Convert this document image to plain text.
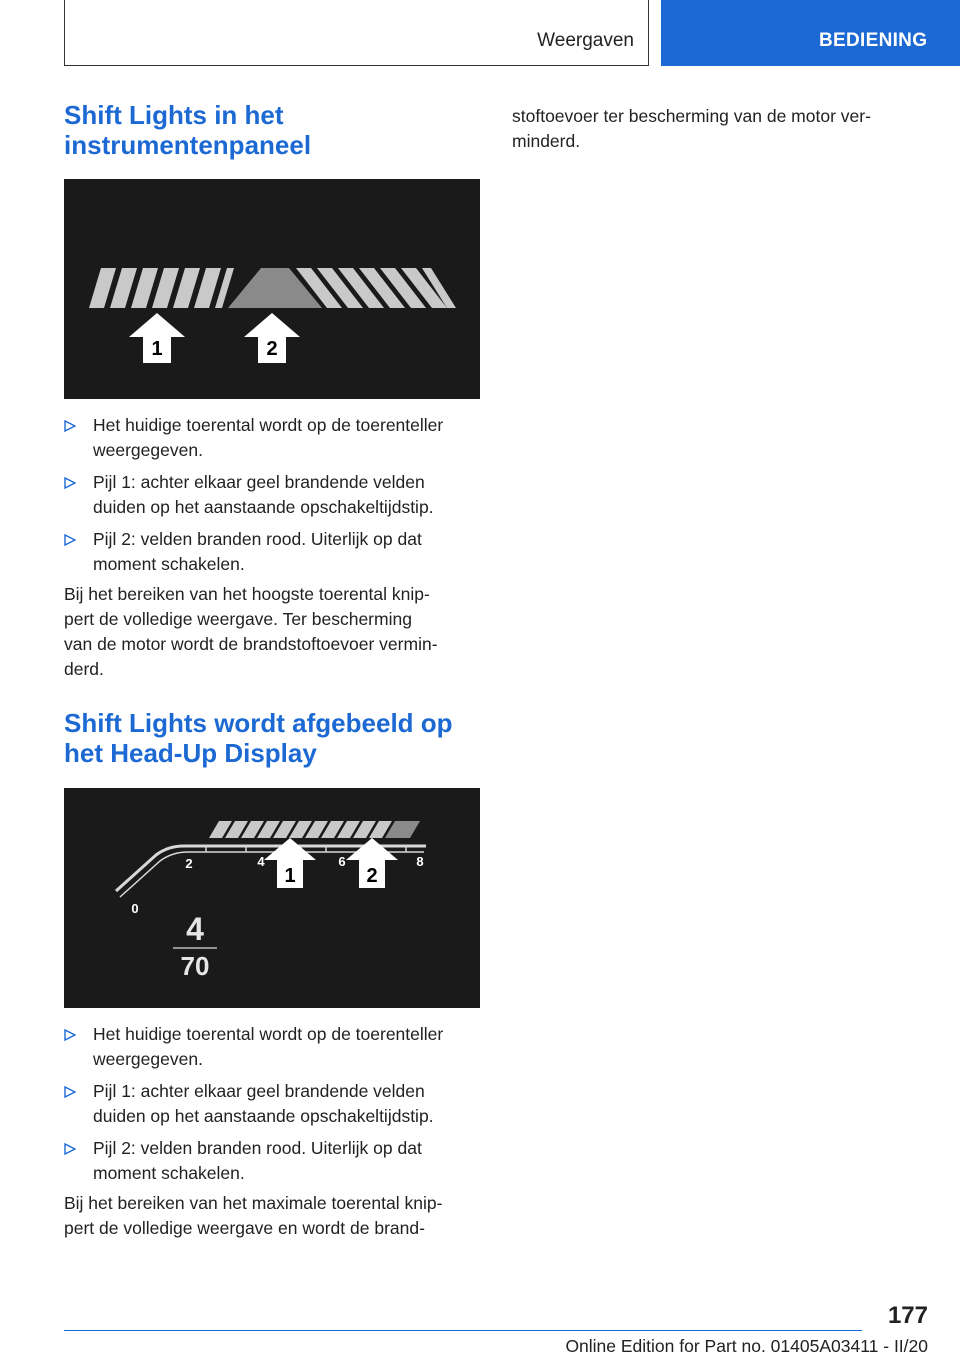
Weergaven	BEDIENING
Shift Lights in het
instrumentenpaneel
1	2
Het huidige toerental wordt op de toerenteller
weergegeven.
Pijl 1: achter elkaar geel brandende velden
duiden op het aanstaande opschakeltijdstip.
Pijl 2: velden branden rood. Uiterlijk op dat
moment schakelen.

Bij het bereiken van het hoogste toerental knip-
pert de volledige weergave. Ter bescherming
van de motor wordt de brandstoftoevoer vermin-
derd.

Shift Lights wordt afgebeeld op
het Head-Up Display
0
2	4	6	8
1	2
4
70
Het huidige toerental wordt op de toerenteller
weergegeven.
Pijl 1: achter elkaar geel brandende velden
duiden op het aanstaande opschakeltijdstip.
Pijl 2: velden branden rood. Uiterlijk op dat
moment schakelen.

Bij het bereiken van het maximale toerental knip-
pert de volledige weergave en wordt de brand-

stoftoevoer ter bescherming van de motor ver-
minderd.

177
Online Edition for Part no. 01405A03411 - II/20
